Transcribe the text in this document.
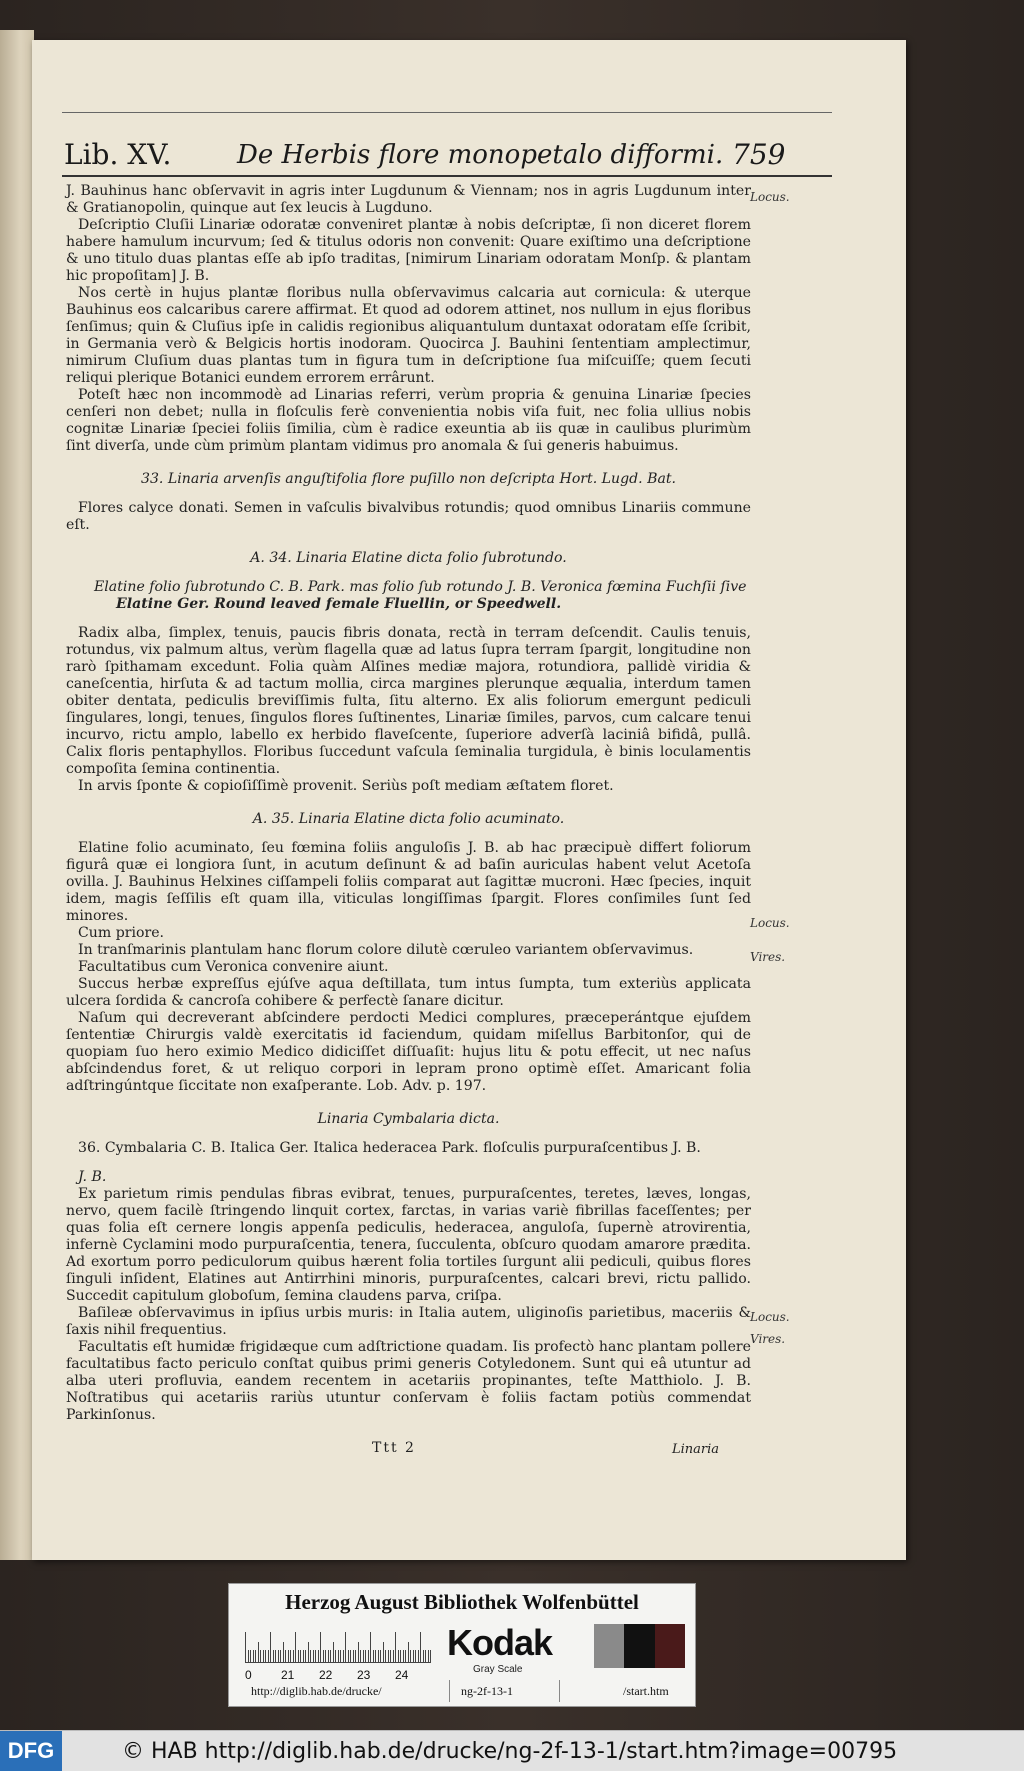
Lib. XV.	De Herbis flore monopetalo difformi. 759

J. Bauhinus hanc obſervavit in agris inter Lugdunum & Viennam; nos in agris Lugdunum inter & Gratianopolin, quinque aut ſex leucis à Lugduno.

Deſcriptio Cluſii Linariæ odoratæ conveniret plantæ à nobis deſcriptæ, ſi non diceret florem habere hamulum incurvum; ſed & titulus odoris non convenit: Quare exiſtimo una deſcriptione & uno titulo duas plantas eſſe ab ipſo traditas, [nimirum Linariam odoratam Monſp. & plantam hic propoſitam] J. B.

Nos certè in hujus plantæ floribus nulla obſervavimus calcaria aut cornicula: & uterque Bauhinus eos calcaribus carere affirmat. Et quod ad odorem attinet, nos nullum in ejus floribus ſenſimus; quin & Cluſius ipſe in calidis regionibus aliquantulum duntaxat odoratam eſſe ſcribit, in Germania verò & Belgicis hortis inodoram. Quocirca J. Bauhini ſententiam amplectimur, nimirum Cluſium duas plantas tum in figura tum in deſcriptione ſua miſcuiſſe; quem ſecuti reliqui plerique Botanici eundem errorem errârunt.

Poteſt hæc non incommodè ad Linarias referri, verùm propria & genuina Linariæ ſpecies cenſeri non debet; nulla in floſculis ferè convenientia nobis viſa fuit, nec folia ullius nobis cognitæ Linariæ ſpeciei foliis ſimilia, cùm è radice exeuntia ab iis quæ in caulibus plurimùm ſint diverſa, unde cùm primùm plantam vidimus pro anomala & ſui generis habuimus.

33. Linaria arvenſis anguſtifolia flore puſillo non deſcripta Hort. Lugd. Bat.

Flores calyce donati. Semen in vaſculis bivalvibus rotundis; quod omnibus Linariis commune eſt.

A. 34. Linaria Elatine dicta folio ſubrotundo.

Elatine folio ſubrotundo C. B. Park. mas folio ſub rotundo J. B. Veronica fœmina Fuchſii ſive

Elatine Ger. Round leaved female Fluellin, or Speedwell.

Radix alba, ſimplex, tenuis, paucis fibris donata, rectà in terram deſcendit. Caulis tenuis, rotundus, vix palmum altus, verùm flagella quæ ad latus ſupra terram ſpargit, longitudine non rarò ſpithamam excedunt. Folia quàm Alſines mediæ majora, rotundiora, pallidè viridia & caneſcentia, hirſuta & ad tactum mollia, circa margines plerunque æqualia, interdum tamen obiter dentata, pediculis breviſſimis fulta, ſitu alterno. Ex alis foliorum emergunt pediculi ſingulares, longi, tenues, ſingulos flores ſuſtinentes, Linariæ ſimiles, parvos, cum calcare tenui incurvo, rictu amplo, labello ex herbido flaveſcente, ſuperiore adverſà laciniâ bifidâ, pullâ. Calix floris pentaphyllos. Floribus ſuccedunt vaſcula ſeminalia turgidula, è binis loculamentis compoſita ſemina continentia.

In arvis ſponte & copioſiſſimè provenit. Seriùs poſt mediam æſtatem floret.

A. 35. Linaria Elatine dicta folio acuminato.

Elatine folio acuminato, ſeu fœmina foliis anguloſis J. B. ab hac præcipuè differt foliorum figurâ quæ ei longiora ſunt, in acutum deſinunt & ad baſin auriculas habent velut Acetoſa ovilla. J. Bauhinus Helxines ciſſampeli foliis comparat aut ſagittæ mucroni. Hæc ſpecies, inquit idem, magis ſeſſilis eſt quam illa, viticulas longiſſimas ſpargit. Flores conſimiles ſunt ſed minores.

Cum priore.

In tranſmarinis plantulam hanc florum colore dilutè cœruleo variantem obſervavimus.

Facultatibus cum Veronica convenire aiunt.

Succus herbæ expreſſus ejúſve aqua deſtillata, tum intus ſumpta, tum exteriùs applicata ulcera ſordida & cancroſa cohibere & perfectè ſanare dicitur.

Naſum qui decreverant abſcindere perdocti Medici complures, præceperántque ejuſdem ſententiæ Chirurgis valdè exercitatis id faciendum, quidam miſellus Barbitonſor, qui de quopiam ſuo hero eximio Medico didiciſſet diſſuaſit: hujus litu & potu effecit, ut nec naſus abſcindendus foret, & ut reliquo corpori in lepram prono optimè eſſet. Amaricant folia adſtringúntque ſiccitate non exaſperante. Lob. Adv. p. 197.

Linaria Cymbalaria dicta.

36. Cymbalaria C. B. Italica Ger. Italica hederacea Park. floſculis purpuraſcentibus J. B.

J. B.

Ex parietum rimis pendulas fibras evibrat, tenues, purpuraſcentes, teretes, læves, longas, nervo, quem facilè ſtringendo linquit cortex, farctas, in varias variè fibrillas faceſſentes; per quas folia eſt cernere longis appenſa pediculis, hederacea, anguloſa, ſupernè atrovirentia, infernè Cyclamini modo purpuraſcentia, tenera, ſucculenta, obſcuro quodam amarore prædita. Ad exortum porro pediculorum quibus hærent folia tortiles ſurgunt alii pediculi, quibus flores ſinguli inſident, Elatines aut Antirrhini minoris, purpuraſcentes, calcari brevi, rictu pallido. Succedit capitulum globoſum, ſemina claudens parva, criſpa.

Baſileæ obſervavimus in ipſius urbis muris: in Italia autem, uliginoſis parietibus, maceriis & ſaxis nihil frequentius.

Facultatis eſt humidæ frigidæque cum adſtrictione quadam. Iis profectò hanc plantam pollere facultatibus facto periculo conſtat quibus primi generis Cotyledonem. Sunt qui eâ utuntur ad alba uteri profluvia, eandem recentem in acetariis propinantes, teſte Matthiolo. J. B. Noſtratibus qui acetariis rariùs utuntur conſervam è foliis factam potiùs commendat Parkinſonus.

Locus.
Locus.
Vires.
Locus.
Vires.
Ttt 2	Linaria
Herzog August Bibliothek Wolfenbüttel
0 21 22 23 24
Kodak
Gray Scale
http://diglib.hab.de/drucke/	ng-2f-13-1	/start.htm
DFG	© HAB http://diglib.hab.de/drucke/ng-2f-13-1/start.htm?image=00795
